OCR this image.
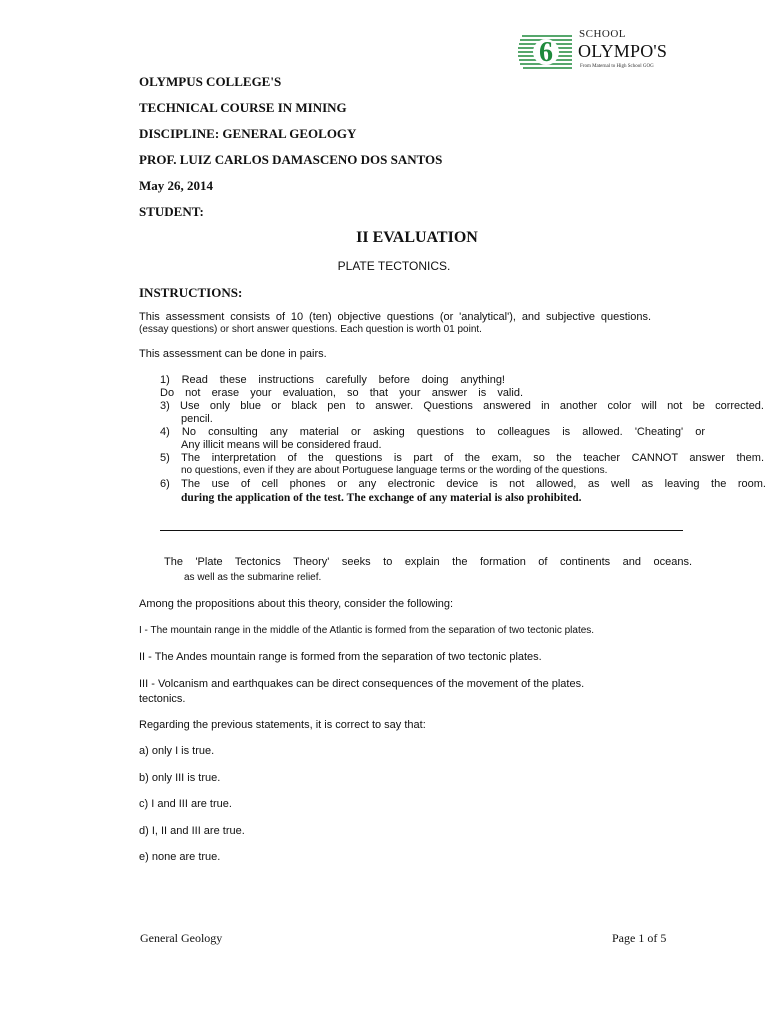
6
SCHOOL
OLYMPO'S
From Maternal to High School GOG
OLYMPUS COLLEGE'S
TECHNICAL COURSE IN MINING
DISCIPLINE: GENERAL GEOLOGY
PROF. LUIZ CARLOS DAMASCENO DOS SANTOS
May 26, 2014
STUDENT:
II EVALUATION
PLATE TECTONICS.
INSTRUCTIONS:
This assessment consists of 10 (ten) objective questions (or 'analytical'), and subjective questions.
(essay questions) or short answer questions. Each question is worth 01 point.
This assessment can be done in pairs.
1) Read these instructions carefully before doing anything!
Do not erase your evaluation, so that your answer is valid.
3) Use only blue or black pen to answer. Questions answered in another color will not be corrected.
pencil.
4) No consulting any material or asking questions to colleagues is allowed. 'Cheating' or
Any illicit means will be considered fraud.
5) The interpretation of the questions is part of the exam, so the teacher CANNOT answer them.
no questions, even if they are about Portuguese language terms or the wording of the questions.
6) The use of cell phones or any electronic device is not allowed, as well as leaving the room.
during the application of the test. The exchange of any material is also prohibited.
The 'Plate Tectonics Theory' seeks to explain the formation of continents and oceans.
as well as the submarine relief.
Among the propositions about this theory, consider the following:
I - The mountain range in the middle of the Atlantic is formed from the separation of two tectonic plates.
II - The Andes mountain range is formed from the separation of two tectonic plates.
III - Volcanism and earthquakes can be direct consequences of the movement of the plates.
tectonics.
Regarding the previous statements, it is correct to say that:
a) only I is true.
b) only III is true.
c) I and III are true.
d) I, II and III are true.
e) none are true.
General Geology	Page 1 of 5
